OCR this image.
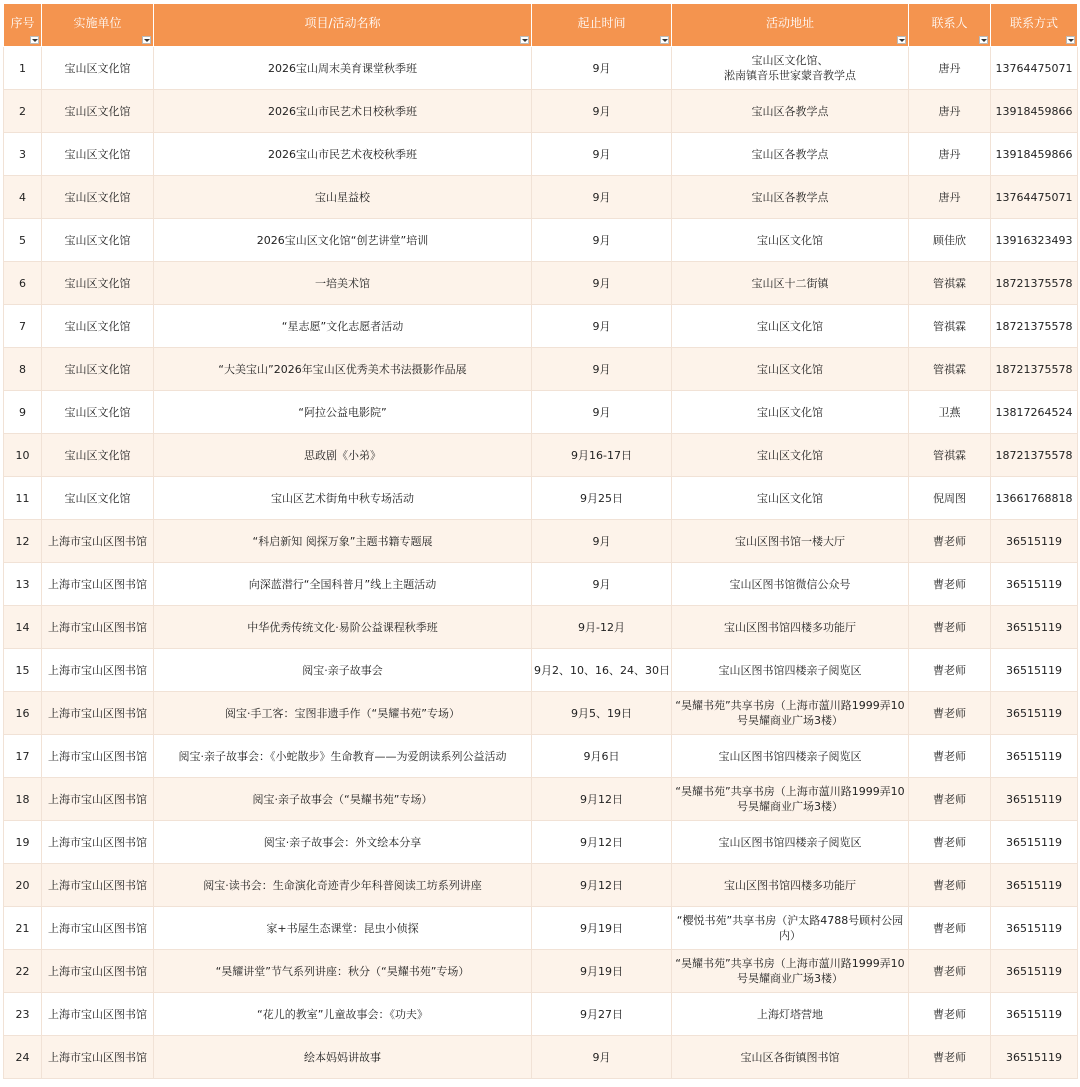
序号	实施单位	项目/活动名称	起止时间	活动地址	联系人	联系方式

1	宝山区文化馆	2026宝山周末美育课堂秋季班	9月	宝山区文化馆、
淞南镇音乐世家蒙音教学点	唐丹	13764475071
2	宝山区文化馆	2026宝山市民艺术日校秋季班	9月	宝山区各教学点	唐丹	13918459866
3	宝山区文化馆	2026宝山市民艺术夜校秋季班	9月	宝山区各教学点	唐丹	13918459866
4	宝山区文化馆	宝山星益校	9月	宝山区各教学点	唐丹	13764475071
5	宝山区文化馆	2026宝山区文化馆“创艺讲堂”培训	9月	宝山区文化馆	顾佳欣	13916323493
6	宝山区文化馆	一培美术馆	9月	宝山区十二街镇	管祺霖	18721375578
7	宝山区文化馆	“星志愿”文化志愿者活动	9月	宝山区文化馆	管祺霖	18721375578
8	宝山区文化馆	“大美宝山”2026年宝山区优秀美术书法摄影作品展	9月	宝山区文化馆	管祺霖	18721375578
9	宝山区文化馆	“阿拉公益电影院”	9月	宝山区文化馆	卫燕	13817264524
10	宝山区文化馆	思政剧《小弟》	9月16-17日	宝山区文化馆	管祺霖	18721375578
11	宝山区文化馆	宝山区艺术街角中秋专场活动	9月25日	宝山区文化馆	倪周图	13661768818
12	上海市宝山区图书馆	“科启新知 阅探万象”主题书籍专题展	9月	宝山区图书馆一楼大厅	曹老师	36515119
13	上海市宝山区图书馆	向深蓝潜行“全国科普月”线上主题活动	9月	宝山区图书馆微信公众号	曹老师	36515119
14	上海市宝山区图书馆	中华优秀传统文化·易阶公益课程秋季班	9月-12月	宝山区图书馆四楼多功能厅	曹老师	36515119
15	上海市宝山区图书馆	阅宝·亲子故事会	9月2、10、16、24、30日	宝山区图书馆四楼亲子阅览区	曹老师	36515119
16	上海市宝山区图书馆	阅宝·手工客：宝图非遗手作（“昊耀书苑”专场）	9月5、19日	“昊耀书苑”共享书房（上海市蕰川路1999弄10
号昊耀商业广场3楼）	曹老师	36515119
17	上海市宝山区图书馆	阅宝·亲子故事会：《小蛇散步》生命教育——为爱朗读系列公益活动	9月6日	宝山区图书馆四楼亲子阅览区	曹老师	36515119
18	上海市宝山区图书馆	阅宝·亲子故事会（“昊耀书苑”专场）	9月12日	“昊耀书苑”共享书房（上海市蕰川路1999弄10
号昊耀商业广场3楼）	曹老师	36515119
19	上海市宝山区图书馆	阅宝·亲子故事会：外文绘本分享	9月12日	宝山区图书馆四楼亲子阅览区	曹老师	36515119
20	上海市宝山区图书馆	阅宝·读书会：生命演化奇迹青少年科普阅读工坊系列讲座	9月12日	宝山区图书馆四楼多功能厅	曹老师	36515119
21	上海市宝山区图书馆	家+书屋生态课堂：昆虫小侦探	9月19日	“樱悦书苑”共享书房（沪太路4788号顾村公园内）	曹老师	36515119
22	上海市宝山区图书馆	“昊耀讲堂”节气系列讲座：秋分（“昊耀书苑”专场）	9月19日	“昊耀书苑”共享书房（上海市蕰川路1999弄10
号昊耀商业广场3楼）	曹老师	36515119
23	上海市宝山区图书馆	“花儿的教室”儿童故事会：《功夫》	9月27日	上海灯塔营地	曹老师	36515119
24	上海市宝山区图书馆	绘本妈妈讲故事	9月	宝山区各街镇图书馆	曹老师	36515119
